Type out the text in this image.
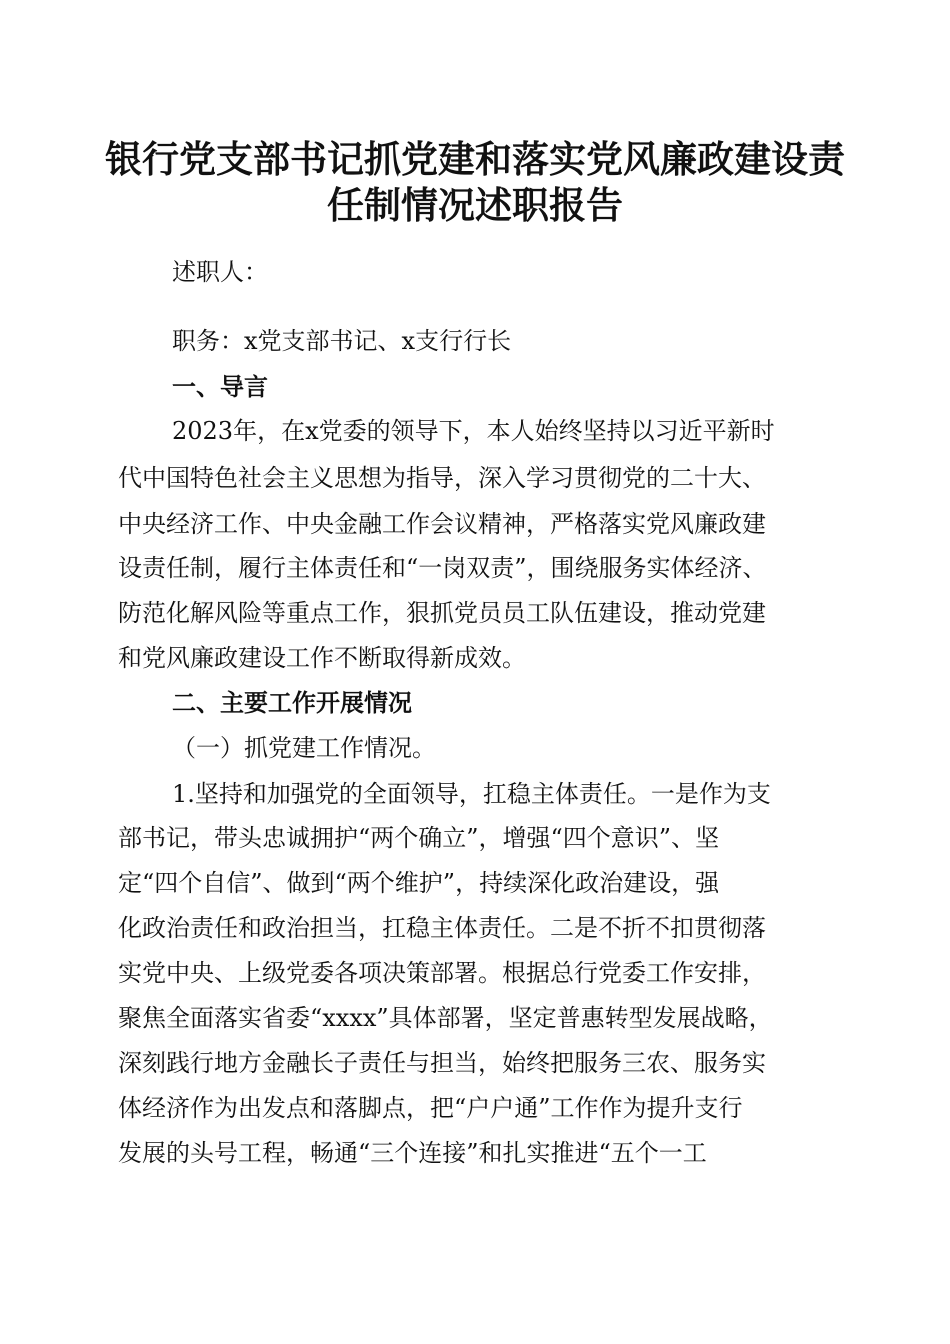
银行党支部书记抓党建和落实党风廉政建设责
任制情况述职报告
述职人：
职务：x党支部书记、x支行行长
一、导言
2023年，在x党委的领导下，本人始终坚持以习近平新时
代中国特色社会主义思想为指导，深入学习贯彻党的二十大、
中央经济工作、中央金融工作会议精神，严格落实党风廉政建
设责任制，履行主体责任和“一岗双责”，围绕服务实体经济、
防范化解风险等重点工作，狠抓党员员工队伍建设，推动党建
和党风廉政建设工作不断取得新成效。
二、主要工作开展情况
（一）抓党建工作情况。
1.坚持和加强党的全面领导，扛稳主体责任。一是作为支
部书记，带头忠诚拥护“两个确立”，增强“四个意识”、坚
定“四个自信”、做到“两个维护”，持续深化政治建设，强
化政治责任和政治担当，扛稳主体责任。二是不折不扣贯彻落
实党中央、上级党委各项决策部署。根据总行党委工作安排，
聚焦全面落实省委“xxxx”具体部署，坚定普惠转型发展战略，
深刻践行地方金融长子责任与担当，始终把服务三农、服务实
体经济作为出发点和落脚点，把“户户通”工作作为提升支行
发展的头号工程，畅通“三个连接”和扎实推进“五个一工
